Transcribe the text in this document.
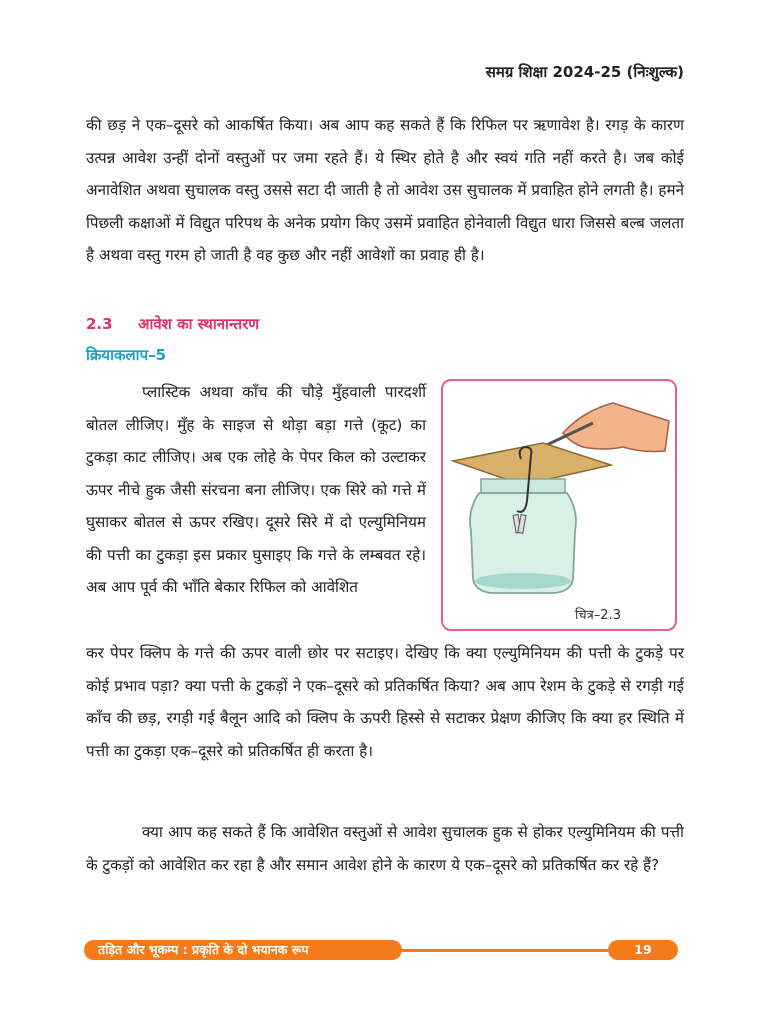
समग्र शिक्षा 2024-25 (निःशुल्क)

की छड़ ने एक–दूसरे को आकर्षित किया। अब आप कह सकते हैं कि रिफिल पर ऋणावेश है। रगड़ के कारण उत्पन्न आवेश उन्हीं दोनों वस्तुओं पर जमा रहते हैं। ये स्थिर होते है और स्वयं गति नहीं करते है। जब कोई अनावेशित अथवा सुचालक वस्तु उससे सटा दी जाती है तो आवेश उस सुचालक में प्रवाहित होने लगती है। हमने पिछली कक्षाओं में विद्युत परिपथ के अनेक प्रयोग किए उसमें प्रवाहित होनेवाली विद्युत धारा जिससे बल्ब जलता है अथवा वस्तु गरम हो जाती है वह कुछ और नहीं आवेशों का प्रवाह ही है।

2.3 आवेश का स्थानान्तरण
क्रियाकलाप–5

प्लास्टिक अथवा काँच की चौड़े मुँहवाली पारदर्शी बोतल लीजिए। मुँह के साइज से थोड़ा बड़ा गत्ते (कूट) का टुकड़ा काट लीजिए। अब एक लोहे के पेपर किल को उल्टाकर ऊपर नीचे हुक जैसी संरचना बना लीजिए। एक सिरे को गत्ते में घुसाकर बोतल से ऊपर रखिए। दूसरे सिरे में दो एल्युमिनियम की पत्ती का टुकड़ा इस प्रकार घुसाइए कि गत्ते के लम्बवत रहे। अब आप पूर्व की भाँति बेकार रिफिल को आवेशित

चित्र–2.3

कर पेपर क्लिप के गत्ते की ऊपर वाली छोर पर सटाइए। देखिए कि क्या एल्युमिनियम की पत्ती के टुकड़े पर कोई प्रभाव पड़ा? क्या पत्ती के टुकड़ों ने एक–दूसरे को प्रतिकर्षित किया? अब आप रेशम के टुकड़े से रगड़ी गई काँच की छड़, रगड़ी गई बैलून आदि को क्लिप के ऊपरी हिस्से से सटाकर प्रेक्षण कीजिए कि क्या हर स्थिति में पत्ती का टुकड़ा एक–दूसरे को प्रतिकर्षित ही करता है।

क्या आप कह सकते हैं कि आवेशित वस्तुओं से आवेश सुचालक हुक से होकर एल्युमिनियम की पत्ती के टुकड़ों को आवेशित कर रहा है और समान आवेश होने के कारण ये एक–दूसरे को प्रतिकर्षित कर रहे हैं?

तड़ित और भूकम्प : प्रकृति के दो भयानक रूप	19
